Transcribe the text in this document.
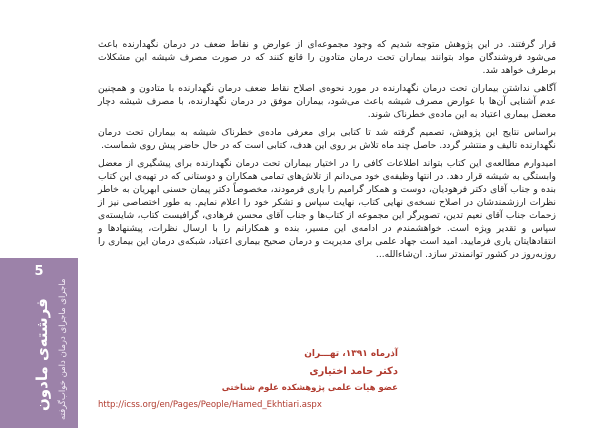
5
فرشته‌ی مادون ماجرای ماجرای درمان دامن خواب‌گرفته

قرار گرفتند. در این پژوهش متوجه شدیم که وجود مجموعه‌ای از عوارض و نقاط ضعف در درمان نگهدارنده باعث می‌شود فروشندگان مواد بتوانند بیماران تحت درمان متادون را قانع کنند که در صورت مصرف شیشه این مشکلات برطرف خواهد شد.

آگاهی نداشتن بیماران تحت درمان نگهدارنده در مورد نحوه‌ی اصلاح نقاط ضعف درمان نگهدارنده با متادون و همچنین عدم آشنایی آن‌ها با عوارض مصرف شیشه باعث می‌شود، بیماران موفق در درمان نگهدارنده، با مصرف شیشه دچار معضل بیماری اعتیاد به این ماده‌ی خطرناک شوند.

براساس نتایج این پژوهش، تصمیم گرفته شد تا کتابی برای معرفی ماده‌ی خطرناک شیشه به بیماران تحت درمان نگهدارنده تالیف و منتشر گردد. حاصل چند ماه تلاش بر روی این هدف، کتابی است که در حال حاضر پیش روی شماست.

امیدوارم مطالعه‌ی این کتاب بتواند اطلاعات کافی را در اختیار بیماران تحت درمان نگهدارنده برای پیشگیری از معضل وابستگی به شیشه قرار دهد. در انتها وظیفه‌ی خود می‌دانم از تلاش‌های تمامی همکاران و دوستانی که در تهیه‌ی این کتاب بنده و جناب آقای دکتر فرهودیان، دوست و همکار گرامیم را یاری فرمودند، مخصوصاً دکتر پیمان حسنی ابهریان به خاطر نظرات ارزشمندشان در اصلاح نسخه‌ی نهایی کتاب، نهایت سپاس و تشکر خود را اعلام نمایم. به طور اختصاصی نیز از زحمات جناب آقای نعیم تدین، تصویرگر این مجموعه از کتاب‌ها و جناب آقای محسن فرهادی، گرافیست کتاب، شایسته‌ی سپاس و تقدیر ویژه است. خواهشمندم در ادامه‌ی این مسیر، بنده و همکارانم را با ارسال نظرات، پیشنهادها و انتقادهایتان یاری فرمایید. امید است جهاد علمی برای مدیریت و درمان صحیح بیماری اعتیاد، شبکه‌ی درمان این بیماری را روزبه‌روز در کشور توانمندتر سازد. ان‌شاءالله...

آذرماه ۱۳۹۱، تهـــران
دکتر حامد اختیاری
عضو هیات علمی پژوهشکده علوم شناختی
http://icss.org/en/Pages/People/Hamed_Ekhtiari.aspx
